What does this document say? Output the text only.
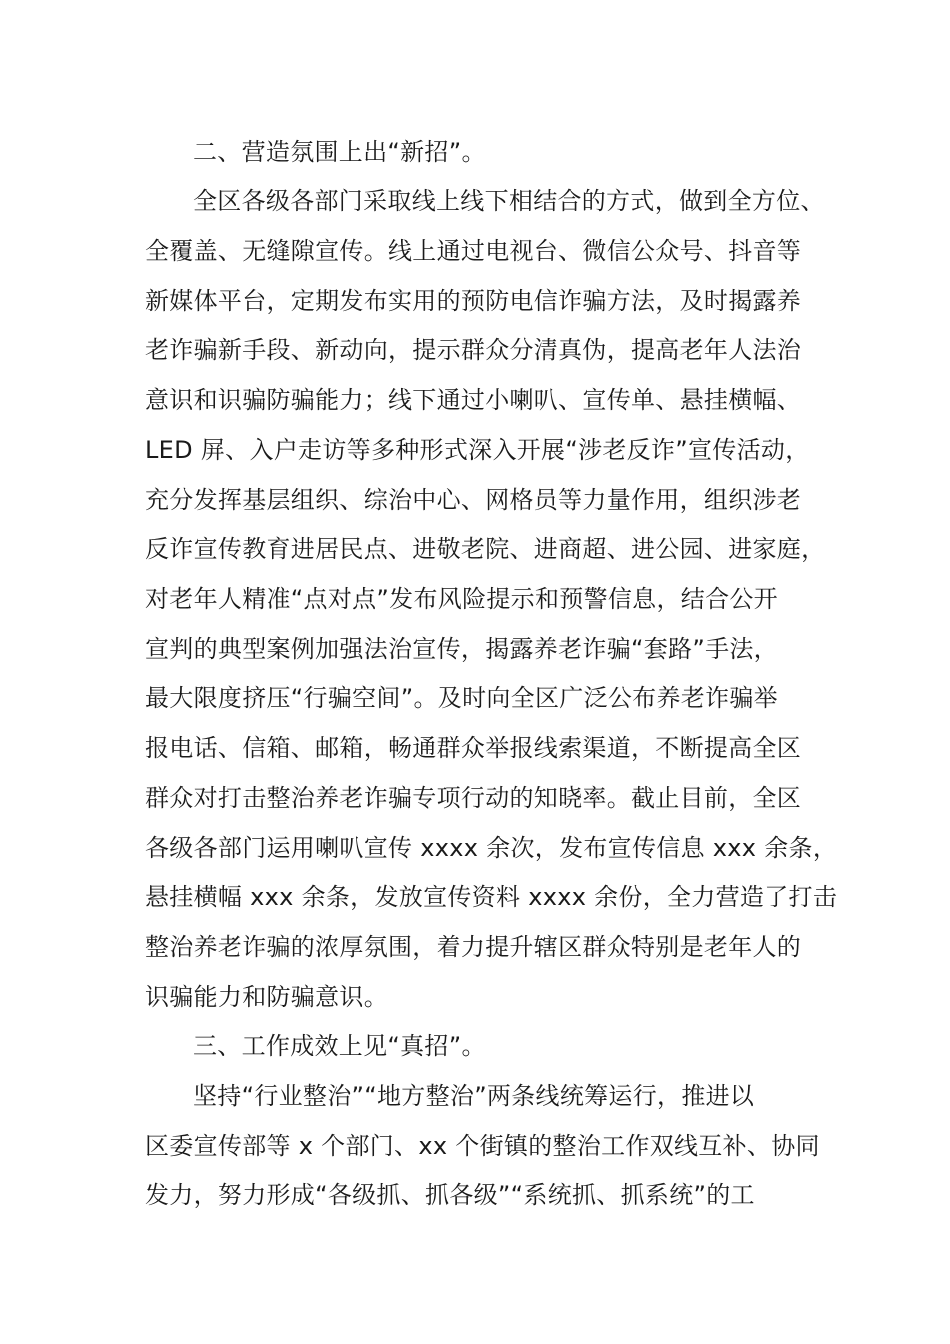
二、营造氛围上出“新招”。

全区各级各部门采取线上线下相结合的方式，做到全方位、

全覆盖、无缝隙宣传。线上通过电视台、微信公众号、抖音等

新媒体平台，定期发布实用的预防电信诈骗方法，及时揭露养

老诈骗新手段、新动向，提示群众分清真伪，提高老年人法治

意识和识骗防骗能力；线下通过小喇叭、宣传单、悬挂横幅、

LED 屏、入户走访等多种形式深入开展“涉老反诈”宣传活动，

充分发挥基层组织、综治中心、网格员等力量作用，组织涉老

反诈宣传教育进居民点、进敬老院、进商超、进公园、进家庭，

对老年人精准“点对点”发布风险提示和预警信息，结合公开

宣判的典型案例加强法治宣传，揭露养老诈骗“套路”手法，

最大限度挤压“行骗空间”。及时向全区广泛公布养老诈骗举

报电话、信箱、邮箱，畅通群众举报线索渠道，不断提高全区

群众对打击整治养老诈骗专项行动的知晓率。截止目前，全区

各级各部门运用喇叭宣传 xxxx 余次，发布宣传信息 xxx 余条，

悬挂横幅 xxx 余条，发放宣传资料 xxxx 余份，全力营造了打击

整治养老诈骗的浓厚氛围，着力提升辖区群众特别是老年人的

识骗能力和防骗意识。

三、工作成效上见“真招”。

坚持“行业整治”“地方整治”两条线统筹运行，推进以

区委宣传部等 x 个部门、xx 个街镇的整治工作双线互补、协同

发力，努力形成“各级抓、抓各级”“系统抓、抓系统”的工
